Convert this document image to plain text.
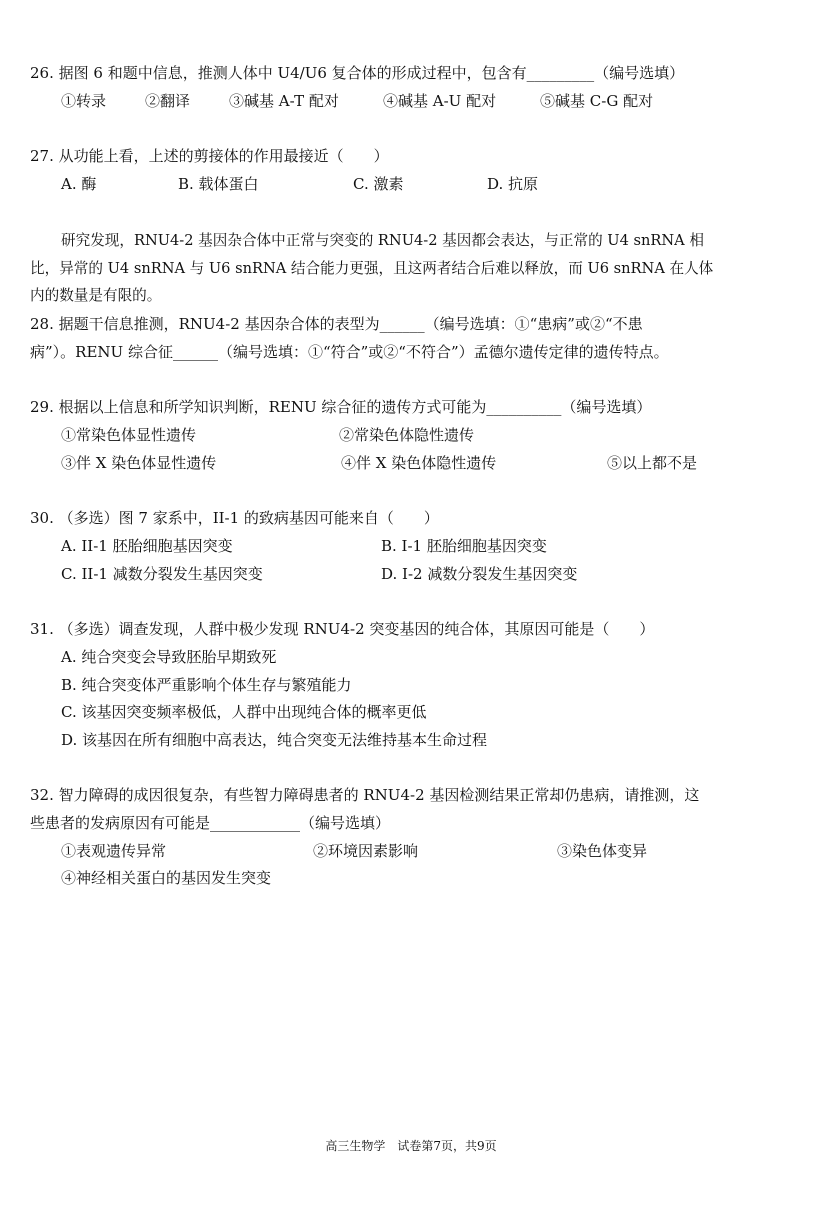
26. 据图 6 和题中信息，推测人体中 U4/U6 复合体的形成过程中，包含有_________（编号选填）
①转录	②翻译	③碱基 A-T 配对	④碱基 A-U 配对	⑤碱基 C-G 配对
27. 从功能上看，上述的剪接体的作用最接近（　　）
A. 酶	B. 载体蛋白	C. 激素	D. 抗原
研究发现，RNU4-2 基因杂合体中正常与突变的 RNU4-2 基因都会表达，与正常的 U4 snRNA 相
比，异常的 U4 snRNA 与 U6 snRNA 结合能力更强，且这两者结合后难以释放，而 U6 snRNA 在人体
内的数量是有限的。
28. 据题干信息推测，RNU4-2 基因杂合体的表型为______（编号选填：①“患病”或②“不患
病”）。RENU 综合征______（编号选填：①“符合”或②“不符合”）孟德尔遗传定律的遗传特点。
29. 根据以上信息和所学知识判断，RENU 综合征的遗传方式可能为__________（编号选填）
①常染色体显性遗传	②常染色体隐性遗传
③伴 X 染色体显性遗传	④伴 X 染色体隐性遗传	⑤以上都不是
30. （多选）图 7 家系中，II-1 的致病基因可能来自（　　）
A. II-1 胚胎细胞基因突变	B. I-1 胚胎细胞基因突变
C. II-1 减数分裂发生基因突变	D. I-2 减数分裂发生基因突变
31. （多选）调查发现，人群中极少发现 RNU4-2 突变基因的纯合体，其原因可能是（　　）
A. 纯合突变会导致胚胎早期致死
B. 纯合突变体严重影响个体生存与繁殖能力
C. 该基因突变频率极低，人群中出现纯合体的概率更低
D. 该基因在所有细胞中高表达，纯合突变无法维持基本生命过程
32. 智力障碍的成因很复杂，有些智力障碍患者的 RNU4-2 基因检测结果正常却仍患病，请推测，这
些患者的发病原因有可能是____________（编号选填）
①表观遗传异常	②环境因素影响	③染色体变异
④神经相关蛋白的基因发生突变
高三生物学　试卷第7页，共9页
